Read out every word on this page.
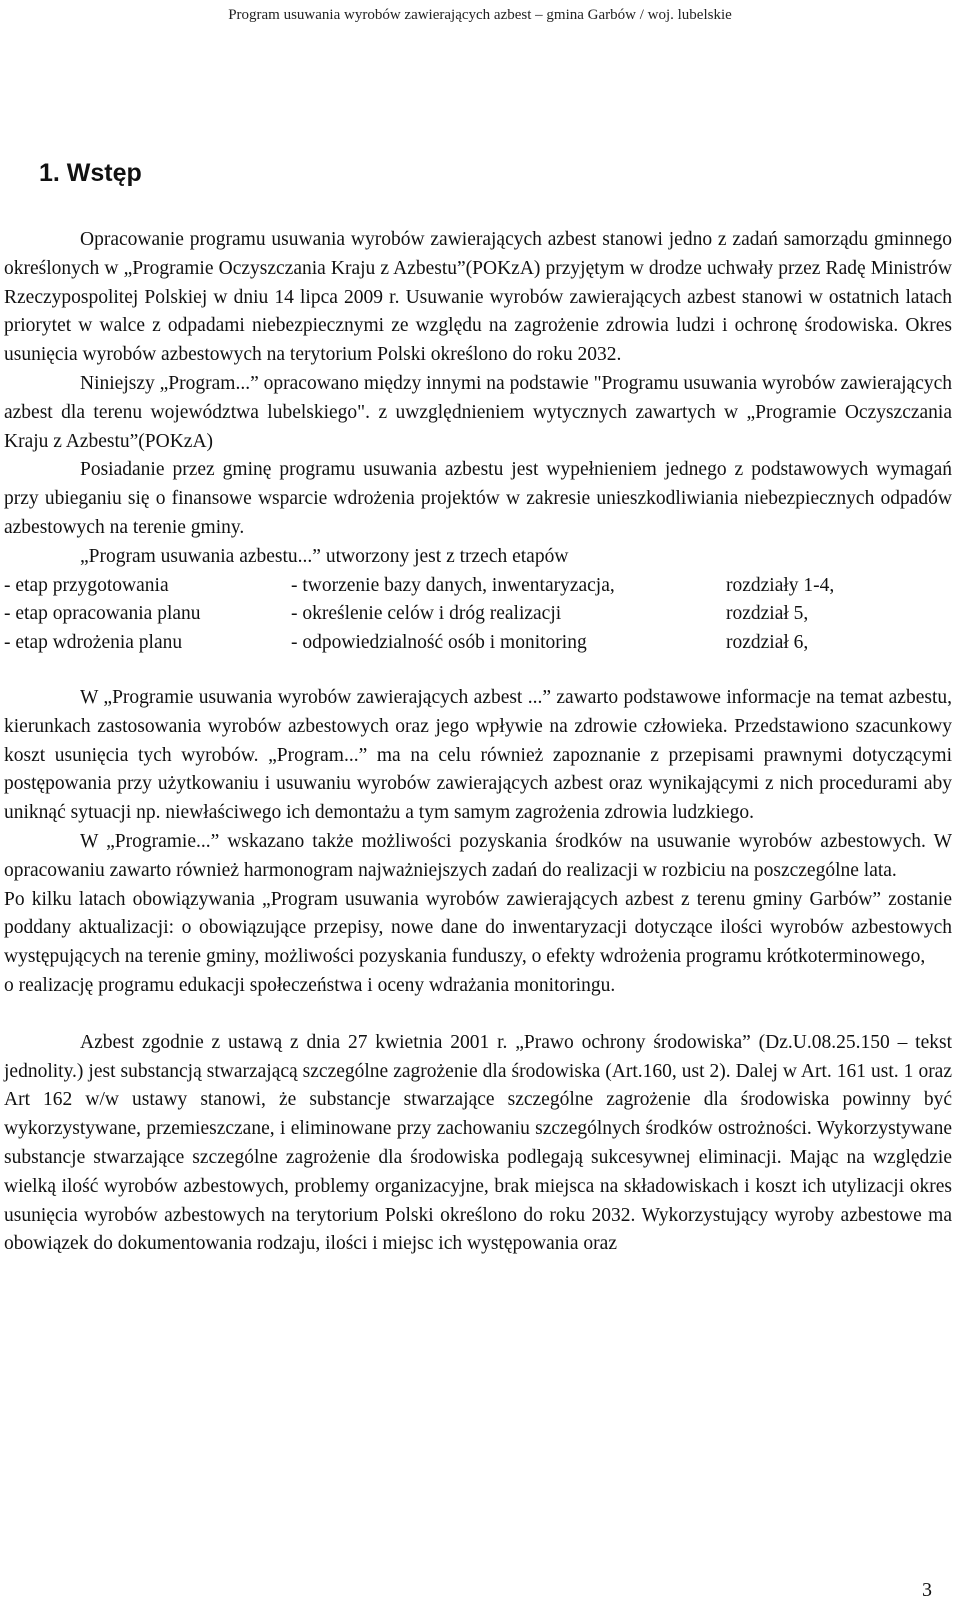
Program usuwania wyrobów zawierających azbest – gmina Garbów / woj. lubelskie
1. Wstęp

Opracowanie programu usuwania wyrobów zawierających azbest stanowi jedno z zadań samorządu gminnego określonych w „Programie Oczyszczania Kraju z Azbestu”(POKzA) przyjętym w drodze uchwały przez Radę Ministrów Rzeczypospolitej Polskiej w dniu 14 lipca 2009 r. Usuwanie wyrobów zawierających azbest stanowi w ostatnich latach priorytet w walce z odpadami niebezpiecznymi ze względu na zagrożenie zdrowia ludzi i ochronę środowiska. Okres usunięcia wyrobów azbestowych na terytorium Polski określono do roku 2032.

Niniejszy „Program...” opracowano między innymi na podstawie "Programu usuwania wyrobów zawierających azbest dla terenu województwa lubelskiego". z uwzględnieniem wytycznych zawartych w „Programie Oczyszczania Kraju z Azbestu”(POKzA)

Posiadanie przez gminę programu usuwania azbestu jest wypełnieniem jednego z podstawowych wymagań przy ubieganiu się o finansowe wsparcie wdrożenia projektów w zakresie unieszkodliwiania niebezpiecznych odpadów azbestowych na terenie gminy.

„Program usuwania azbestu...” utworzony jest z trzech etapów

- etap przygotowania	- tworzenie bazy danych, inwentaryzacja,	rozdziały 1-4,
- etap opracowania planu	- określenie celów i dróg realizacji	rozdział 5,
- etap wdrożenia planu	- odpowiedzialność osób i monitoring	rozdział 6,

W „Programie usuwania wyrobów zawierających azbest ...” zawarto podstawowe informacje na temat azbestu, kierunkach zastosowania wyrobów azbestowych oraz jego wpływie na zdrowie człowieka. Przedstawiono szacunkowy koszt usunięcia tych wyrobów. „Program...” ma na celu również zapoznanie z przepisami prawnymi dotyczącymi postępowania przy użytkowaniu i usuwaniu wyrobów zawierających azbest oraz wynikającymi z nich procedurami aby uniknąć sytuacji np. niewłaściwego ich demontażu a tym samym zagrożenia zdrowia ludzkiego.

W „Programie...” wskazano także możliwości pozyskania środków na usuwanie wyrobów azbestowych. W opracowaniu zawarto również harmonogram najważniejszych zadań do realizacji w rozbiciu na poszczególne lata.

Po kilku latach obowiązywania „Program usuwania wyrobów zawierających azbest z terenu gminy Garbów” zostanie poddany aktualizacji: o obowiązujące przepisy, nowe dane do inwentaryzacji dotyczące ilości wyrobów azbestowych występujących na terenie gminy, możliwości pozyskania funduszy, o efekty wdrożenia programu krótkoterminowego,

o realizację programu edukacji społeczeństwa i oceny wdrażania monitoringu.

Azbest zgodnie z ustawą z dnia 27 kwietnia 2001 r. „Prawo ochrony środowiska” (Dz.U.08.25.150 – tekst jednolity.) jest substancją stwarzającą szczególne zagrożenie dla środowiska (Art.160, ust 2). Dalej w Art. 161 ust. 1 oraz Art 162 w/w ustawy stanowi, że substancje stwarzające szczególne zagrożenie dla środowiska powinny być wykorzystywane, przemieszczane, i eliminowane przy zachowaniu szczególnych środków ostrożności. Wykorzystywane substancje stwarzające szczególne zagrożenie dla środowiska podlegają sukcesywnej eliminacji. Mając na względzie wielką ilość wyrobów azbestowych, problemy organizacyjne, brak miejsca na składowiskach i koszt ich utylizacji okres usunięcia wyrobów azbestowych na terytorium Polski określono do roku 2032. Wykorzystujący wyroby azbestowe ma obowiązek do dokumentowania rodzaju, ilości i miejsc ich występowania oraz

3
